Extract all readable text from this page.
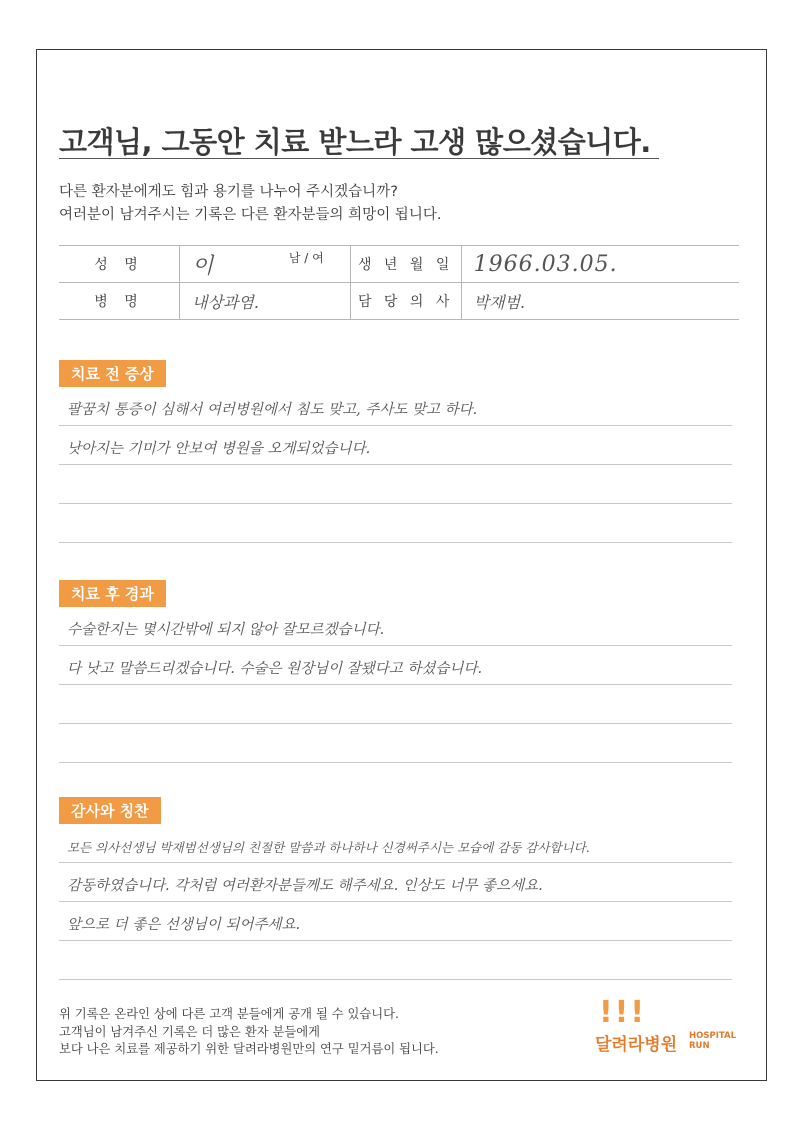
고객님, 그동안 치료 받느라 고생 많으셨습니다.
다른 환자분에게도 힘과 용기를 나누어 주시겠습니까?
여러분이 남겨주시는 기록은 다른 환자분들의 희망이 됩니다.
성 명	이 남 / 여	생 년 월 일	1966.03.05.
병 명	내상과염.	담 당 의 사	박재범.
치료 전 증상
팔꿈치 통증이 심해서 여러병원에서 침도 맞고, 주사도 맞고 하다.
낫아지는 기미가 안보여 병원을 오게되었습니다.
치료 후 경과
수술한지는 몇시간밖에 되지 않아 잘모르겠습니다.
다 낫고 말씀드리겠습니다. 수술은 원장님이 잘됐다고 하셨습니다.
감사와 칭찬
모든 의사선생님 박재범선생님의 친절한 말씀과 하나하나 신경써주시는 모습에 감동 감사합니다.
감동하였습니다. 각처럼 여러환자분들께도 해주세요. 인상도 너무 좋으세요.
앞으로 더 좋은 선생님이 되어주세요.
위 기록은 온라인 상에 다른 고객 분들에게 공개 될 수 있습니다.
고객님이 남겨주신 기록은 더 많은 환자 분들에게
보다 나은 치료를 제공하기 위한 달려라병원만의 연구 밑거름이 됩니다.
!!!
달려라병원 HOSPITAL
RUN
